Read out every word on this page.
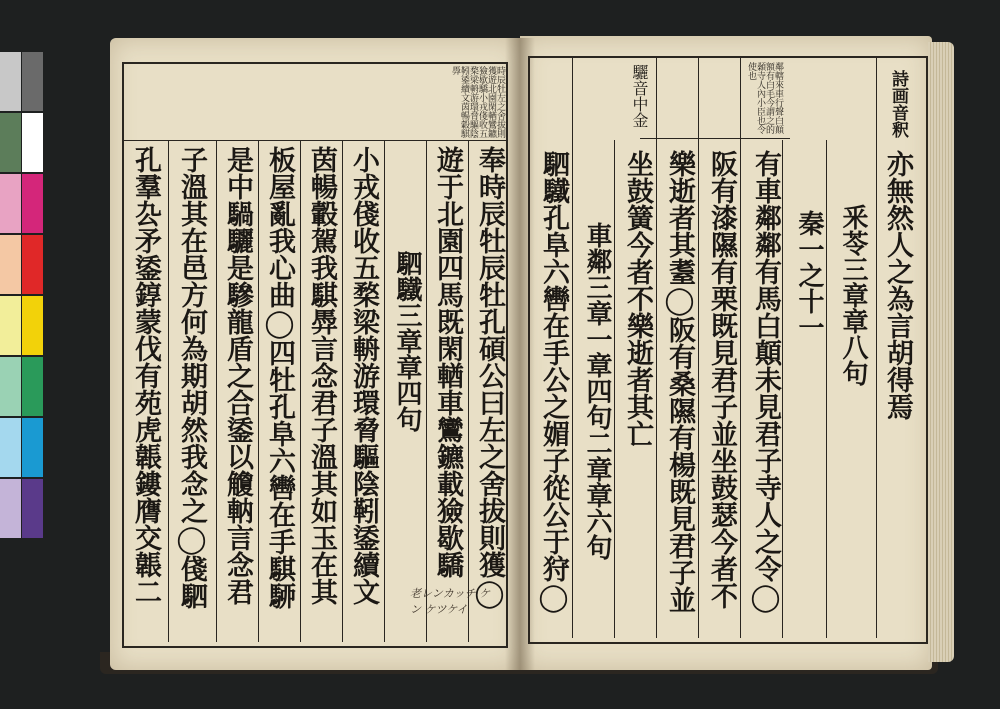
詩画音釈
鄰轄來車行聲白顛額有白毛今謂之的顙寺人內小臣也令使也
驪音中金
亦無然人之為言胡得焉
釆苓三章章八句
秦一之十一
有車鄰鄰有馬白顛未見君子寺人之令◯
阪有漆隰有栗既見君子並坐鼓瑟今者不
樂逝者其耋◯阪有桑隰有楊既見君子並
坐鼓簧今者不樂逝者其亡
車鄰三章一章四句二章章六句
駟驖孔阜六轡在手公之媚子從公于狩◯
時辰牡左之舍拔則獲遊北園閑輶鸞鑣獫歇驕小戎俴收五楘梁輈游環脅驅陰靷鋈續文茵暢轂騏馵
奉時辰牡辰牡孔碩公曰左之舍拔則獲◯
遊于北園四馬既閑輶車鸞鑣載獫歇驕
駟驖三章章四句
小戎俴收五楘梁輈游環脅驅陰靷鋈續文
茵暢轂駕我騏馵言念君子溫其如玉在其
板屋亂我心曲◯四牡孔阜六轡在手騏駵
是中騧驪是驂龍盾之合鋈以觼軜言念君
子溫其在邑方何為期胡然我念之◯俴駟
孔羣厹矛鋈錞蒙伐有苑虎韔鏤膺交韔二	老レンカッチ ケン ケツケイ
